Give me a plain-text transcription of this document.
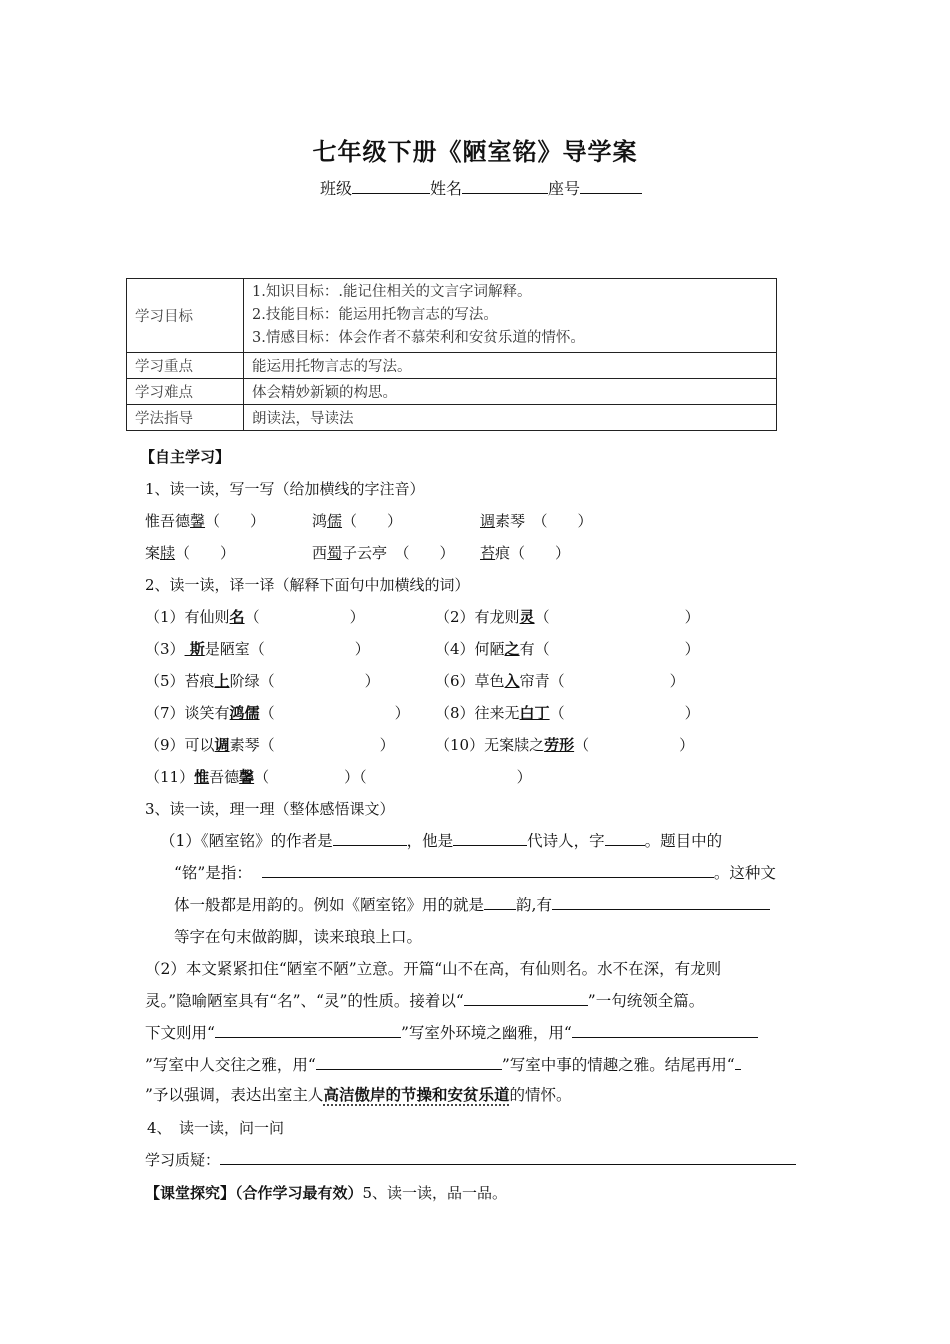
七年级下册《陋室铭》导学案
班级	姓名	座号
学习目标	1.知识目标：.能记住相关的文言字词解释。
2.技能目标：能运用托物言志的写法。
3.情感目标：体会作者不慕荣利和安贫乐道的情怀。

学习重点	能运用托物言志的写法。
学习难点	体会精妙新颖的构思。
学法指导	朗读法，导读法
【自主学习】
1、读一读，写一写（给加横线的字注音）
惟吾德馨（　　）	鸿儒（　　）	调素琴　（　　）
案牍（　　）	西蜀子云亭　（　　） 苔痕（　　）
2、读一读，译一译（解释下面句中加横线的词）
（1）有仙则名（　　　　　　）	（2）有龙则灵（　　　　　　　　　）
（3） 斯是陋室（　　　　　　）	（4）何陋之有（　　　　　　　　　）
（5）苔痕上阶绿（　　　　　　）	（6）草色入帘青（　　　　　　　）
（7）谈笑有鸿儒（　　　　　　　　） （8）往来无白丁（　　　　　　　　）
（9）可以调素琴（　　　　　　　）	（10）无案牍之劳形（　　　　　　）
（11）惟吾德馨（　　　　　）（　　　　　　　　　　）
3、读一读，理一理（整体感悟课文）
（1）《陋室铭》的作者是	，他是	代诗人，字	。题目中的
“铭”是指：	。这种文
体一般都是用韵的。例如《陋室铭》用的就是 韵,有
等字在句末做韵脚，读来琅琅上口。
（2）本文紧紧扣住“陋室不陋”立意。开篇“山不在高，有仙则名。水不在深，有龙则
灵。”隐喻陋室具有“名”、“灵”的性质。接着以“	”一句统领全篇。
下文则用“	”写室外环境之幽雅，用“
”写室中人交往之雅，用“	”写室中事的情趣之雅。结尾再用“
”予以强调，表达出室主人高洁傲岸的节操和安贫乐道的情怀。
4、　读一读，问一问
学习质疑：
【课堂探究】（合作学习最有效）5、读一读，品一品。
